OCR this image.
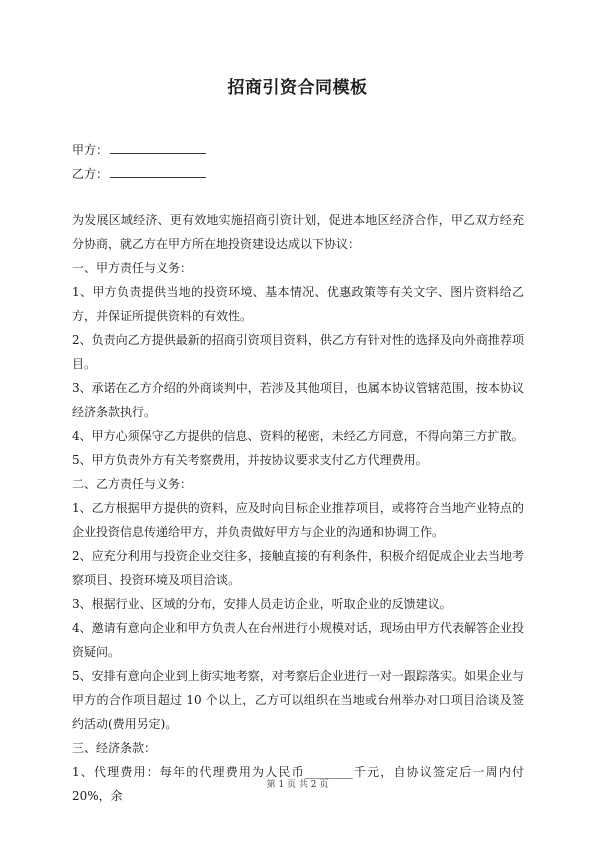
招商引资合同模板
甲方：
乙方：

为发展区域经济、更有效地实施招商引资计划，促进本地区经济合作，甲乙双方经充分协商，就乙方在甲方所在地投资建设达成以下协议：

一、甲方责任与义务：

1、甲方负责提供当地的投资环境、基本情况、优惠政策等有关文字、图片资料给乙方，并保证所提供资料的有效性。

2、负责向乙方提供最新的招商引资项目资料，供乙方有针对性的选择及向外商推荐项目。

3、承诺在乙方介绍的外商谈判中，若涉及其他项目，也属本协议管辖范围，按本协议经济条款执行。

4、甲方心须保守乙方提供的信息、资料的秘密，未经乙方同意，不得向第三方扩散。

5、甲方负责外方有关考察费用，并按协议要求支付乙方代理费用。

二、乙方责任与义务：

1、乙方根据甲方提供的资料，应及时向目标企业推荐项目，或将符合当地产业特点的企业投资信息传递给甲方，并负责做好甲方与企业的沟通和协调工作。

2、应充分利用与投资企业交往多，接触直接的有利条件，积极介绍促成企业去当地考察项目、投资环境及项目洽谈。

3、根据行业、区域的分布，安排人员走访企业，听取企业的反馈建议。

4、邀请有意向企业和甲方负责人在台州进行小规模对话，现场由甲方代表解答企业投资疑问。

5、安排有意向企业到上街实地考察，对考察后企业进行一对一跟踪落实。如果企业与甲方的合作项目超过 10 个以上，乙方可以组织在当地或台州举办对口项目洽谈及签约活动(费用另定)。

三、经济条款：

1、代理费用：每年的代理费用为人民币________千元，自协议签定后一周内付 20%，余

第 1 页 共 2 页
